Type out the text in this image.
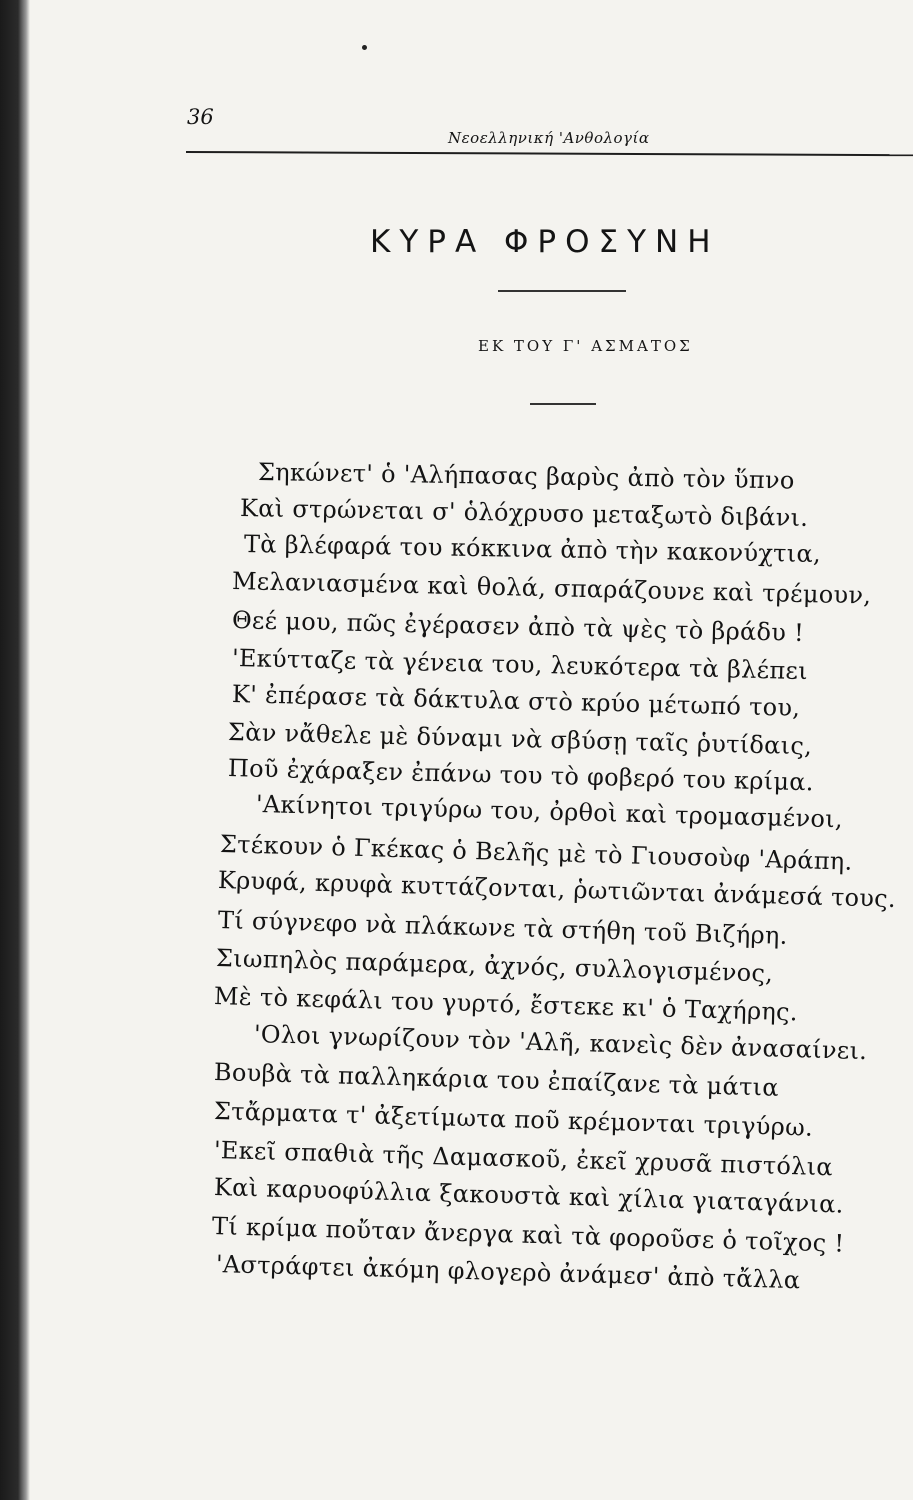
36
Νεοελληνική 'Ανθολογία
ΚΥΡΑ ΦΡΟΣΥΝΗ
ΕΚ ΤΟΥ Γ' ΑΣΜΑΤΟΣ
Σηκώνετ' ὁ 'Αλήπασας βαρὺς ἀπὸ τὸν ὕπνο
Καὶ στρώνεται σ' ὁλόχρυσο μεταξωτὸ διβάνι.
Τὰ βλέφαρά του κόκκινα ἀπὸ τὴν κακονύχτια,
Μελανιασμένα καὶ θολά, σπαράζουνε καὶ τρέμουν,
Θεέ μου, πῶς ἐγέρασεν ἀπὸ τὰ ψὲς τὸ βράδυ !
'Εκύτταζε τὰ γένεια του, λευκότερα τὰ βλέπει
Κ' ἐπέρασε τὰ δάκτυλα στὸ κρύο μέτωπό του,
Σὰν νἄθελε μὲ δύναμι νὰ σβύσῃ ταῖς ῥυτίδαις,
Ποῦ ἐχάραξεν ἐπάνω του τὸ φοβερό του κρίμα.
'Ακίνητοι τριγύρω του, ὀρθοὶ καὶ τρομασμένοι,
Στέκουν ὁ Γκέκας ὁ Βελῆς μὲ τὸ Γιουσοὺφ 'Αράπη.
Κρυφά, κρυφὰ κυττάζονται, ῥωτιῶνται ἀνάμεσά τους.
Τί σύγνεφο νὰ πλάκωνε τὰ στήθη τοῦ Βιζήρη.
Σιωπηλὸς παράμερα, ἀχνός, συλλογισμένος,
Μὲ τὸ κεφάλι του γυρτό, ἔστεκε κι' ὁ Ταχήρης.
'Ολοι γνωρίζουν τὸν 'Αλῆ, κανεὶς δὲν ἀνασαίνει.
Βουβὰ τὰ παλληκάρια του ἐπαίζανε τὰ μάτια
Στἄρματα τ' ἀξετίμωτα ποῦ κρέμονται τριγύρω.
'Εκεῖ σπαθιὰ τῆς Δαμασκοῦ, ἐκεῖ χρυσᾶ πιστόλια
Καὶ καρυοφύλλια ξακουστὰ καὶ χίλια γιαταγάνια.
Τί κρίμα ποὔταν ἄνεργα καὶ τὰ φοροῦσε ὁ τοῖχος !
'Αστράφτει ἀκόμη φλογερὸ ἀνάμεσ' ἀπὸ τἄλλα
